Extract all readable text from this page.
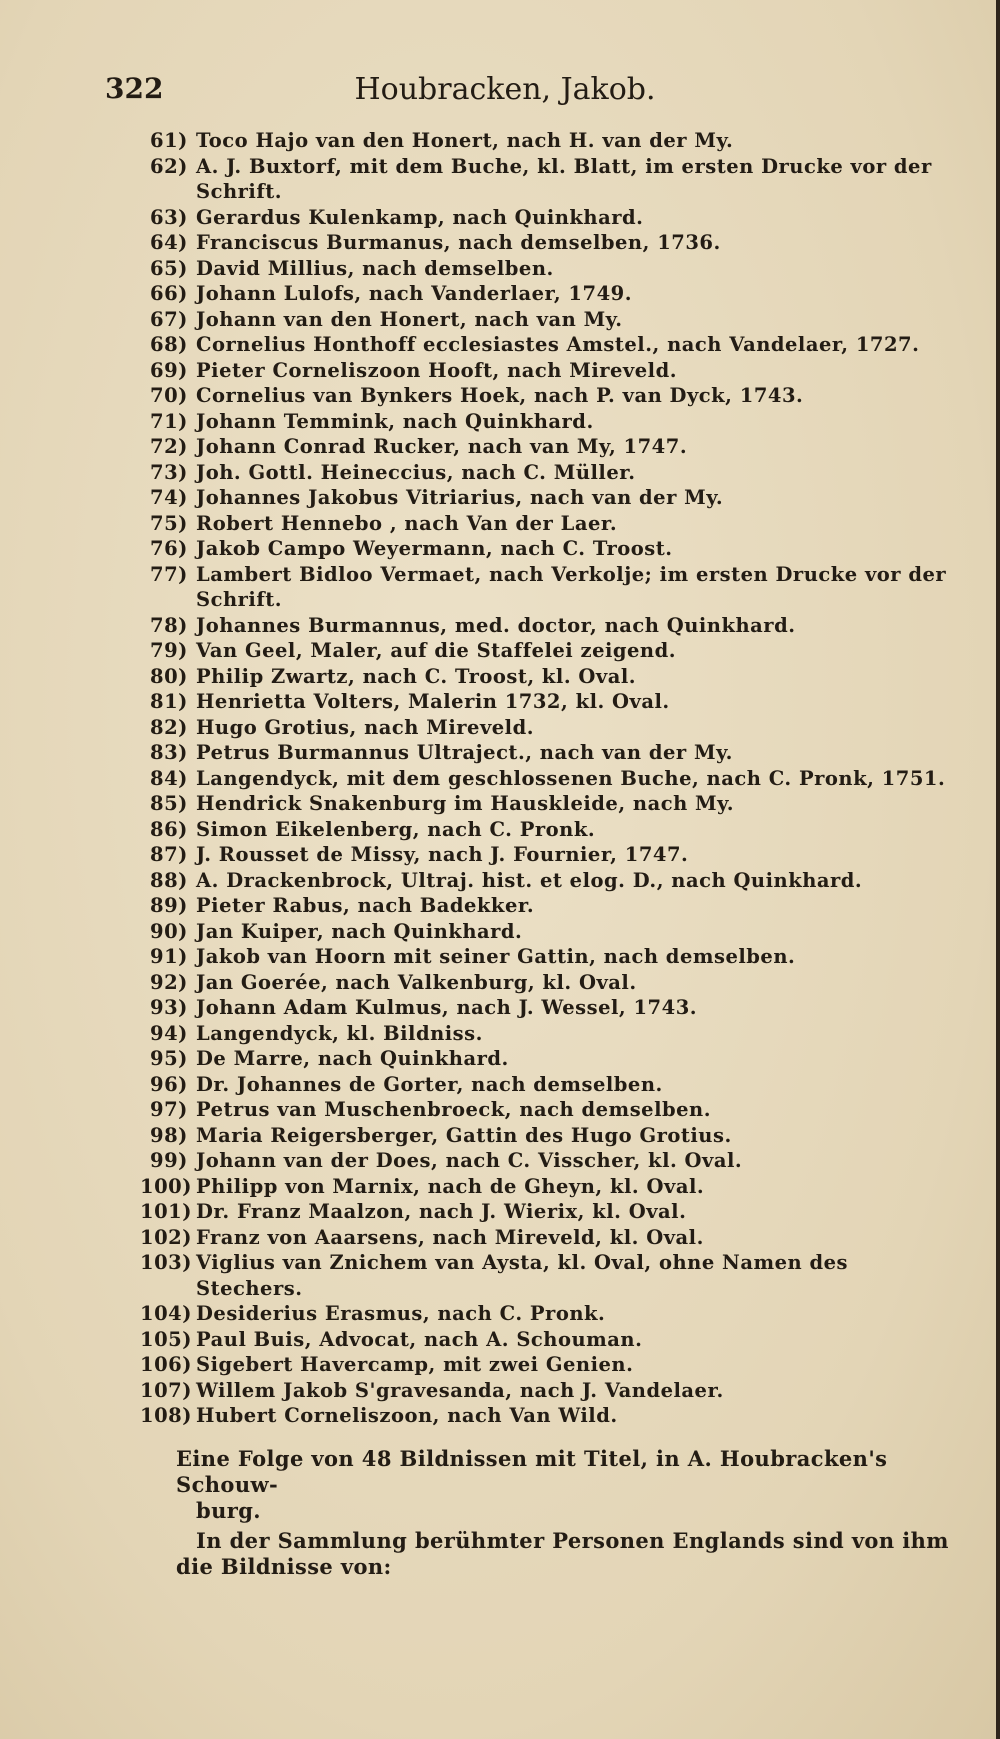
322	Houbracken, Jakob.
61) Toco Hajo van den Honert, nach H. van der My.
62) A. J. Buxtorf, mit dem Buche, kl. Blatt, im ersten Drucke vor der Schrift.
63) Gerardus Kulenkamp, nach Quinkhard.
64) Franciscus Burmanus, nach demselben, 1736.
65) David Millius, nach demselben.
66) Johann Lulofs, nach Vanderlaer, 1749.
67) Johann van den Honert, nach van My.
68) Cornelius Honthoff ecclesiastes Amstel., nach Vandelaer, 1727.
69) Pieter Corneliszoon Hooft, nach Mireveld.
70) Cornelius van Bynkers Hoek, nach P. van Dyck, 1743.
71) Johann Temmink, nach Quinkhard.
72) Johann Conrad Rucker, nach van My, 1747.
73) Joh. Gottl. Heineccius, nach C. Müller.
74) Johannes Jakobus Vitriarius, nach van der My.
75) Robert Hennebo , nach Van der Laer.
76) Jakob Campo Weyermann, nach C. Troost.
77) Lambert Bidloo Vermaet, nach Verkolje; im ersten Drucke vor der Schrift.
78) Johannes Burmannus, med. doctor, nach Quinkhard.
79) Van Geel, Maler, auf die Staffelei zeigend.
80) Philip Zwartz, nach C. Troost, kl. Oval.
81) Henrietta Volters, Malerin 1732, kl. Oval.
82) Hugo Grotius, nach Mireveld.
83) Petrus Burmannus Ultraject., nach van der My.
84) Langendyck, mit dem geschlossenen Buche, nach C. Pronk, 1751.
85) Hendrick Snakenburg im Hauskleide, nach My.
86) Simon Eikelenberg, nach C. Pronk.
87) J. Rousset de Missy, nach J. Fournier, 1747.
88) A. Drackenbrock, Ultraj. hist. et elog. D., nach Quinkhard.
89) Pieter Rabus, nach Badekker.
90) Jan Kuiper, nach Quinkhard.
91) Jakob van Hoorn mit seiner Gattin, nach demselben.
92) Jan Goerée, nach Valkenburg, kl. Oval.
93) Johann Adam Kulmus, nach J. Wessel, 1743.
94) Langendyck, kl. Bildniss.
95) De Marre, nach Quinkhard.
96) Dr. Johannes de Gorter, nach demselben.
97) Petrus van Muschenbroeck, nach demselben.
98) Maria Reigersberger, Gattin des Hugo Grotius.
99) Johann van der Does, nach C. Visscher, kl. Oval.
100) Philipp von Marnix, nach de Gheyn, kl. Oval.
101) Dr. Franz Maalzon, nach J. Wierix, kl. Oval.
102) Franz von Aaarsens, nach Mireveld, kl. Oval.
103) Viglius van Znichem van Aysta, kl. Oval, ohne Namen des Stechers.
104) Desiderius Erasmus, nach C. Pronk.
105) Paul Buis, Advocat, nach A. Schouman.
106) Sigebert Havercamp, mit zwei Genien.
107) Willem Jakob S'gravesanda, nach J. Vandelaer.
108) Hubert Corneliszoon, nach Van Wild.
Eine Folge von 48 Bildnissen mit Titel, in A. Houbracken's Schouw-
burg.
In der Sammlung berühmter Personen Englands sind von ihm
die Bildnisse von:
